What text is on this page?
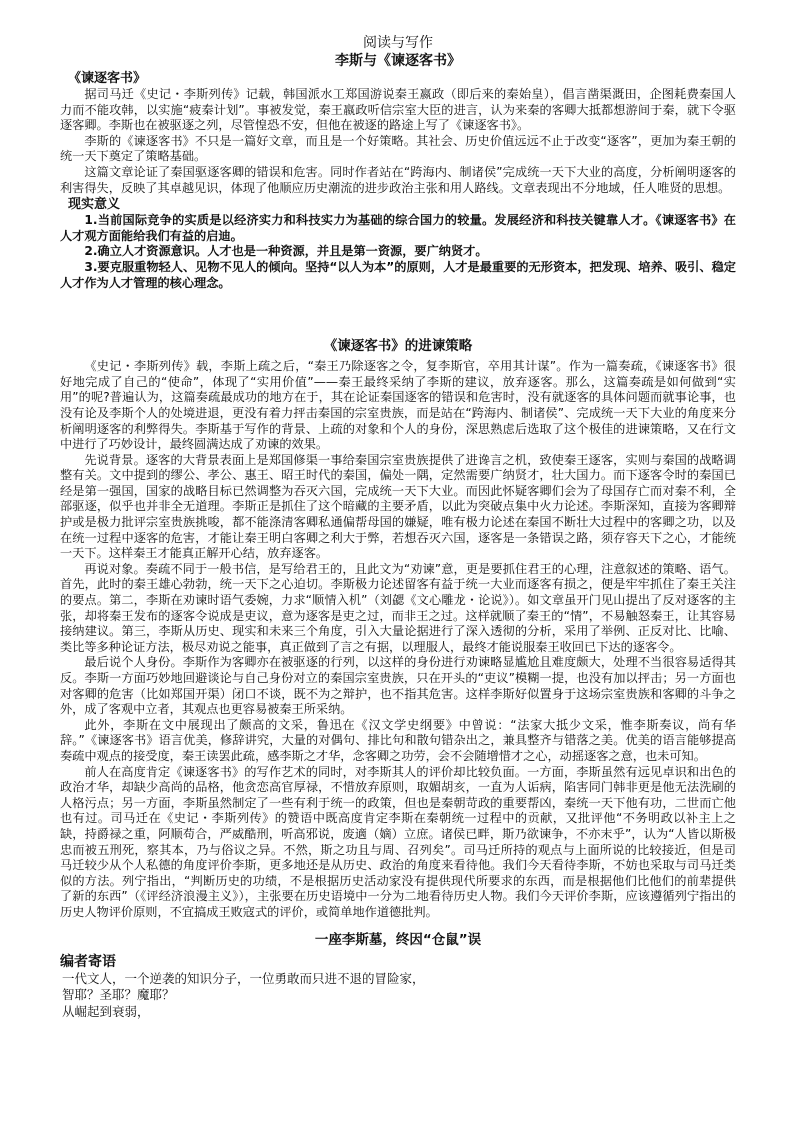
阅读与写作

李斯与《谏逐客书》

《谏逐客书》

据司马迁《史记・李斯列传》记载，韩国派水工郑国游说秦王嬴政（即后来的秦始皇），倡言凿渠溉田，企图耗费秦国人力而不能攻韩，以实施“疲秦计划”。事被发觉，秦王嬴政听信宗室大臣的进言，认为来秦的客卿大抵都想游间于秦，就下令驱逐客卿。李斯也在被驱逐之列，尽管惶恐不安，但他在被逐的路途上写了《谏逐客书》。

李斯的《谏逐客书》不只是一篇好文章，而且是一个好策略。其社会、历史价值远远不止于改变“逐客”，更加为秦王朝的统一天下奠定了策略基础。

这篇文章论证了秦国驱逐客卿的错误和危害。同时作者站在“跨海内、制诸侯”完成统一天下大业的高度，分析阐明逐客的利害得失，反映了其卓越见识，体现了他顺应历史潮流的进步政治主张和用人路线。文章表现出不分地域，任人唯贤的思想。

现实意义

1.当前国际竞争的实质是以经济实力和科技实力为基础的综合国力的较量。发展经济和科技关键靠人才。《谏逐客书》在人才观方面能给我们有益的启迪。

2.确立人才资源意识。人才也是一种资源，并且是第一资源，要广纳贤才。

3.要克服重物轻人、见物不见人的倾向。坚持“以人为本”的原则，人才是最重要的无形资本，把发现、培养、吸引、稳定人才作为人才管理的核心理念。

《谏逐客书》的进谏策略

《史记・李斯列传》载，李斯上疏之后，“秦王乃除逐客之令，复李斯官，卒用其计谋”。作为一篇奏疏，《谏逐客书》很好地完成了自己的“使命”，体现了“实用价值”——秦王最终采纳了李斯的建议，放弃逐客。那么，这篇奏疏是如何做到“实用”的呢?普遍认为，这篇奏疏最成功的地方在于，其在论证秦国逐客的错误和危害时，没有就逐客的具体问题而就事论事，也没有论及李斯个人的处境进退，更没有着力抨击秦国的宗室贵族，而是站在“跨海内、制诸侯”、完成统一天下大业的角度来分析阐明逐客的利弊得失。李斯基于写作的背景、上疏的对象和个人的身份，深思熟虑后选取了这个极佳的进谏策略，又在行文中进行了巧妙设计，最终圆满达成了劝谏的效果。

先说背景。逐客的大背景表面上是郑国修渠一事给秦国宗室贵族提供了进谗言之机，致使秦王逐客，实则与秦国的战略调整有关。文中提到的缪公、孝公、惠王、昭王时代的秦国，偏处一隅，定然需要广纳贤才，壮大国力。而下逐客令时的秦国已经是第一强国，国家的战略目标已然调整为吞灭六国，完成统一天下大业。而因此怀疑客卿们会为了母国存亡而对秦不利，全部驱逐，似乎也并非全无道理。李斯正是抓住了这个暗藏的主要矛盾，以此为突破点集中火力论述。李斯深知，直接为客卿辩护或是极力批评宗室贵族挑唆，都不能涤清客卿私通偏帮母国的嫌疑，唯有极力论述在秦国不断壮大过程中的客卿之功，以及在统一过程中逐客的危害，才能让秦王明白客卿之利大于弊，若想吞灭六国，逐客是一条错误之路，须存容天下之心，才能统一天下。这样秦王才能真正解开心结，放弃逐客。

再说对象。奏疏不同于一般书信，是写给君王的，且此文为“劝谏”意，更是要抓住君王的心理，注意叙述的策略、语气。首先，此时的秦王雄心勃勃，统一天下之心迫切。李斯极力论述留客有益于统一大业而逐客有损之，便是牢牢抓住了秦王关注的要点。第二，李斯在劝谏时语气委婉，力求“顺情入机”（刘勰《文心雕龙・论说》）。如文章虽开门见山提出了反对逐客的主张，却将秦王发布的逐客令说成是吏议，意为逐客是吏之过，而非王之过。这样就顺了秦王的“情”，不易触怒秦王，让其容易接纳建议。第三，李斯从历史、现实和未来三个角度，引入大量论据进行了深入透彻的分析，采用了举例、正反对比、比喻、类比等多种论证方法，极尽劝说之能事，真正做到了言之有据，以理服人，最终才能说服秦王收回已下达的逐客令。

最后说个人身份。李斯作为客卿亦在被驱逐的行列，以这样的身份进行劝谏略显尴尬且难度颇大，处理不当很容易适得其反。李斯一方面巧妙地回避谈论与自己身份对立的秦国宗室贵族，只在开头的“吏议”模糊一提，也没有加以抨击；另一方面也对客卿的危害（比如郑国开渠）闭口不谈，既不为之辩护，也不指其危害。这样李斯好似置身于这场宗室贵族和客卿的斗争之外，成了客观中立者，其观点也更容易被秦王所采纳。

此外，李斯在文中展现出了颇高的文采，鲁迅在《汉文学史纲要》中曾说：“法家大抵少文采，惟李斯奏议，尚有华辞。”《谏逐客书》语言优美，修辞讲究，大量的对偶句、排比句和散句错杂出之，兼具整齐与错落之美。优美的语言能够提高奏疏中观点的接受度，秦王读罢此疏，感李斯之才华，念客卿之功劳，会不会随增惜才之心，动摇逐客之意，也未可知。

前人在高度肯定《谏逐客书》的写作艺术的同时，对李斯其人的评价却比较负面。一方面，李斯虽然有远见卓识和出色的政治才华，却缺少高尚的品格，他贪恋高官厚禄，不惜放弃原则，取媚胡亥，一直为人诟病，陷害同门韩非更是他无法洗刷的人格污点；另一方面，李斯虽然制定了一些有利于统一的政策，但也是秦朝苛政的重要帮凶，秦统一天下他有功，二世而亡他也有过。司马迁在《史记・李斯列传》的赞语中既高度肯定李斯在秦朝统一过程中的贡献，又批评他“不务明政以补主上之缺，持爵禄之重，阿顺苟合，严威酷刑，听高邪说，废適（嫡）立庶。诸侯已畔，斯乃欲谏争，不亦末乎”，认为“人皆以斯极忠而被五刑死，察其本，乃与俗议之异。不然，斯之功且与周、召列矣”。司马迁所持的观点与上面所说的比较接近，但是司马迁较少从个人私德的角度评价李斯，更多地还是从历史、政治的角度来看待他。我们今天看待李斯，不妨也采取与司马迁类似的方法。列宁指出，“判断历史的功绩，不是根据历史活动家没有提供现代所要求的东西，而是根据他们比他们的前辈提供了新的东西”（《评经济浪漫主义》），主张要在历史语境中一分为二地看待历史人物。我们今天评价李斯，应该遵循列宁指出的历史人物评价原则，不宜搞成王败寇式的评价，或简单地作道德批判。

一座李斯墓，终因“仓鼠”误

编者寄语

一代文人，一个逆袭的知识分子，一位勇敢而只进不退的冒险家，

智耶？圣耶？魔耶？

从崛起到衰弱，
